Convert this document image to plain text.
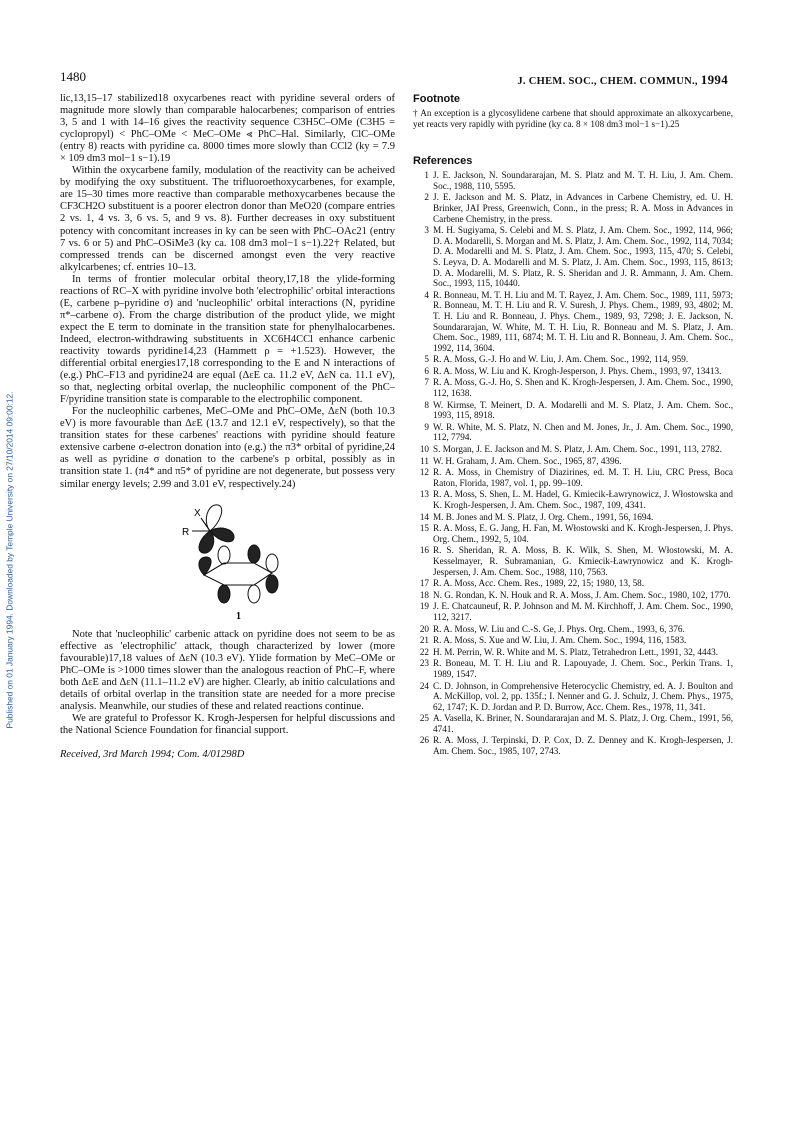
Published on 01 January 1994. Downloaded by Temple University on 27/10/2014 09:00:12.
1480	J. CHEM. SOC., CHEM. COMMUN., 1994

lic,13,15–17 stabilized18 oxycarbenes react with pyridine several orders of magnitude more slowly than comparable halocarbenes; comparison of entries 3, 5 and 1 with 14–16 gives the reactivity sequence C3H5C–OMe (C3H5 = cyclopropyl) < PhC–OMe < MeC–OMe ⪡ PhC–Hal. Similarly, ClC–OMe (entry 8) reacts with pyridine ca. 8000 times more slowly than CCl2 (ky = 7.9 × 109 dm3 mol−1 s−1).19

Within the oxycarbene family, modulation of the reactivity can be acheived by modifying the oxy substituent. The trifluoroethoxycarbenes, for example, are 15–30 times more reactive than comparable methoxycarbenes because the CF3CH2O substituent is a poorer electron donor than MeO20 (compare entries 2 vs. 1, 4 vs. 3, 6 vs. 5, and 9 vs. 8). Further decreases in oxy substituent potency with concomitant increases in ky can be seen with PhC–OAc21 (entry 7 vs. 6 or 5) and PhC–OSiMe3 (ky ca. 108 dm3 mol−1 s−1).22† Related, but compressed trends can be discerned amongst even the very reactive alkylcarbenes; cf. entries 10–13.

In terms of frontier molecular orbital theory,17,18 the ylide-forming reactions of RC–X with pyridine involve both 'electrophilic' orbital interactions (E, carbene p–pyridine σ) and 'nucleophilic' orbital interactions (N, pyridine π*–carbene σ). From the charge distribution of the product ylide, we might expect the E term to dominate in the transition state for phenylhalocarbenes. Indeed, electron-withdrawing substituents in XC6H4CCl enhance carbenic reactivity towards pyridine14,23 (Hammett ρ = +1.523). However, the differential orbital energies17,18 corresponding to the E and N interactions of (e.g.) PhC–F13 and pyridine24 are equal (ΔεE ca. 11.2 eV, ΔεN ca. 11.1 eV), so that, neglecting orbital overlap, the nucleophilic component of the PhC–F/pyridine transition state is comparable to the electrophilic component.

For the nucleophilic carbenes, MeC–OMe and PhC–OMe, ΔεN (both 10.3 eV) is more favourable than ΔεE (13.7 and 12.1 eV, respectively), so that the transition states for these carbenes' reactions with pyridine should feature extensive carbene σ-electron donation into (e.g.) the π3* orbital of pyridine,24 as well as pyridine σ donation to the carbene's p orbital, possibly as in transition state 1. (π4* and π5* of pyridine are not degenerate, but possess very similar energy levels; 2.99 and 3.01 eV, respectively.24)

X
R
1

Note that 'nucleophilic' carbenic attack on pyridine does not seem to be as effective as 'electrophilic' attack, though characterized by lower (more favourable)17,18 values of ΔεN (10.3 eV). Ylide formation by MeC–OMe or PhC–OMe is >1000 times slower than the analogous reaction of PhC–F, where both ΔεE and ΔεN (11.1–11.2 eV) are higher. Clearly, ab initio calculations and details of orbital overlap in the transition state are needed for a more precise analysis. Meanwhile, our studies of these and related reactions continue.

We are grateful to Professor K. Krogh-Jespersen for helpful discussions and the National Science Foundation for financial support.

Received, 3rd March 1994; Com. 4/01298D
Footnote

† An exception is a glycosylidene carbene that should approximate an alkoxycarbene, yet reacts very rapidly with pyridine (ky ca. 8 × 108 dm3 mol−1 s−1).25

References
1 J. E. Jackson, N. Soundararajan, M. S. Platz and M. T. H. Liu, J. Am. Chem. Soc., 1988, 110, 5595.
2 J. E. Jackson and M. S. Platz, in Advances in Carbene Chemistry, ed. U. H. Brinker, JAI Press, Greenwich, Conn., in the press; R. A. Moss in Advances in Carbene Chemistry, in the press.
3 M. H. Sugiyama, S. Celebi and M. S. Platz, J. Am. Chem. Soc., 1992, 114, 966; D. A. Modarelli, S. Morgan and M. S. Platz, J. Am. Chem. Soc., 1992, 114, 7034; D. A. Modarelli and M. S. Platz, J. Am. Chem. Soc., 1993, 115, 470; S. Celebi, S. Leyva, D. A. Modarelli and M. S. Platz, J. Am. Chem. Soc., 1993, 115, 8613; D. A. Modarelli, M. S. Platz, R. S. Sheridan and J. R. Ammann, J. Am. Chem. Soc., 1993, 115, 10440.
4 R. Bonneau, M. T. H. Liu and M. T. Rayez, J. Am. Chem. Soc., 1989, 111, 5973; R. Bonneau, M. T. H. Liu and R. V. Suresh, J. Phys. Chem., 1989, 93, 4802; M. T. H. Liu and R. Bonneau, J. Phys. Chem., 1989, 93, 7298; J. E. Jackson, N. Soundararajan, W. White, M. T. H. Liu, R. Bonneau and M. S. Platz, J. Am. Chem. Soc., 1989, 111, 6874; M. T. H. Liu and R. Bonneau, J. Am. Chem. Soc., 1992, 114, 3604.
5 R. A. Moss, G.-J. Ho and W. Liu, J. Am. Chem. Soc., 1992, 114, 959.
6 R. A. Moss, W. Liu and K. Krogh-Jesperson, J. Phys. Chem., 1993, 97, 13413.
7 R. A. Moss, G.-J. Ho, S. Shen and K. Krogh-Jespersen, J. Am. Chem. Soc., 1990, 112, 1638.
8 W. Kirmse, T. Meinert, D. A. Modarelli and M. S. Platz, J. Am. Chem. Soc., 1993, 115, 8918.
9 W. R. White, M. S. Platz, N. Chen and M. Jones, Jr., J. Am. Chem. Soc., 1990, 112, 7794.
10 S. Morgan, J. E. Jackson and M. S. Platz, J. Am. Chem. Soc., 1991, 113, 2782.
11 W. H. Graham, J. Am. Chem. Soc., 1965, 87, 4396.
12 R. A. Moss, in Chemistry of Diazirines, ed. M. T. H. Liu, CRC Press, Boca Raton, Florida, 1987, vol. 1, pp. 99–109.
13 R. A. Moss, S. Shen, L. M. Hadel, G. Kmiecik-Ławrynowicz, J. Włostowska and K. Krogh-Jespersen, J. Am. Chem. Soc., 1987, 109, 4341.
14 M. B. Jones and M. S. Platz, J. Org. Chem., 1991, 56, 1694.
15 R. A. Moss, E. G. Jang, H. Fan, M. Włostowski and K. Krogh-Jespersen, J. Phys. Org. Chem., 1992, 5, 104.
16 R. S. Sheridan, R. A. Moss, B. K. Wilk, S. Shen, M. Włostowski, M. A. Kesselmayer, R. Subramanian, G. Kmiecik-Ławrynowicz and K. Krogh-Jespersen, J. Am. Chem. Soc., 1988, 110, 7563.
17 R. A. Moss, Acc. Chem. Res., 1989, 22, 15; 1980, 13, 58.
18 N. G. Rondan, K. N. Houk and R. A. Moss, J. Am. Chem. Soc., 1980, 102, 1770.
19 J. E. Chatcauneuf, R. P. Johnson and M. M. Kirchhoff, J. Am. Chem. Soc., 1990, 112, 3217.
20 R. A. Moss, W. Liu and C.-S. Ge, J. Phys. Org. Chem., 1993, 6, 376.
21 R. A. Moss, S. Xue and W. Liu, J. Am. Chem. Soc., 1994, 116, 1583.
22 H. M. Perrin, W. R. White and M. S. Platz, Tetrahedron Lett., 1991, 32, 4443.
23 R. Boneau, M. T. H. Liu and R. Lapouyade, J. Chem. Soc., Perkin Trans. 1, 1989, 1547.
24 C. D. Johnson, in Comprehensive Heterocyclic Chemistry, ed. A. J. Boulton and A. McKillop, vol. 2, pp. 135f.; I. Nenner and G. J. Schulz, J. Chem. Phys., 1975, 62, 1747; K. D. Jordan and P. D. Burrow, Acc. Chem. Res., 1978, 11, 341.
25 A. Vasella, K. Briner, N. Soundararajan and M. S. Platz, J. Org. Chem., 1991, 56, 4741.
26 R. A. Moss, J. Terpinski, D. P. Cox, D. Z. Denney and K. Krogh-Jespersen, J. Am. Chem. Soc., 1985, 107, 2743.
